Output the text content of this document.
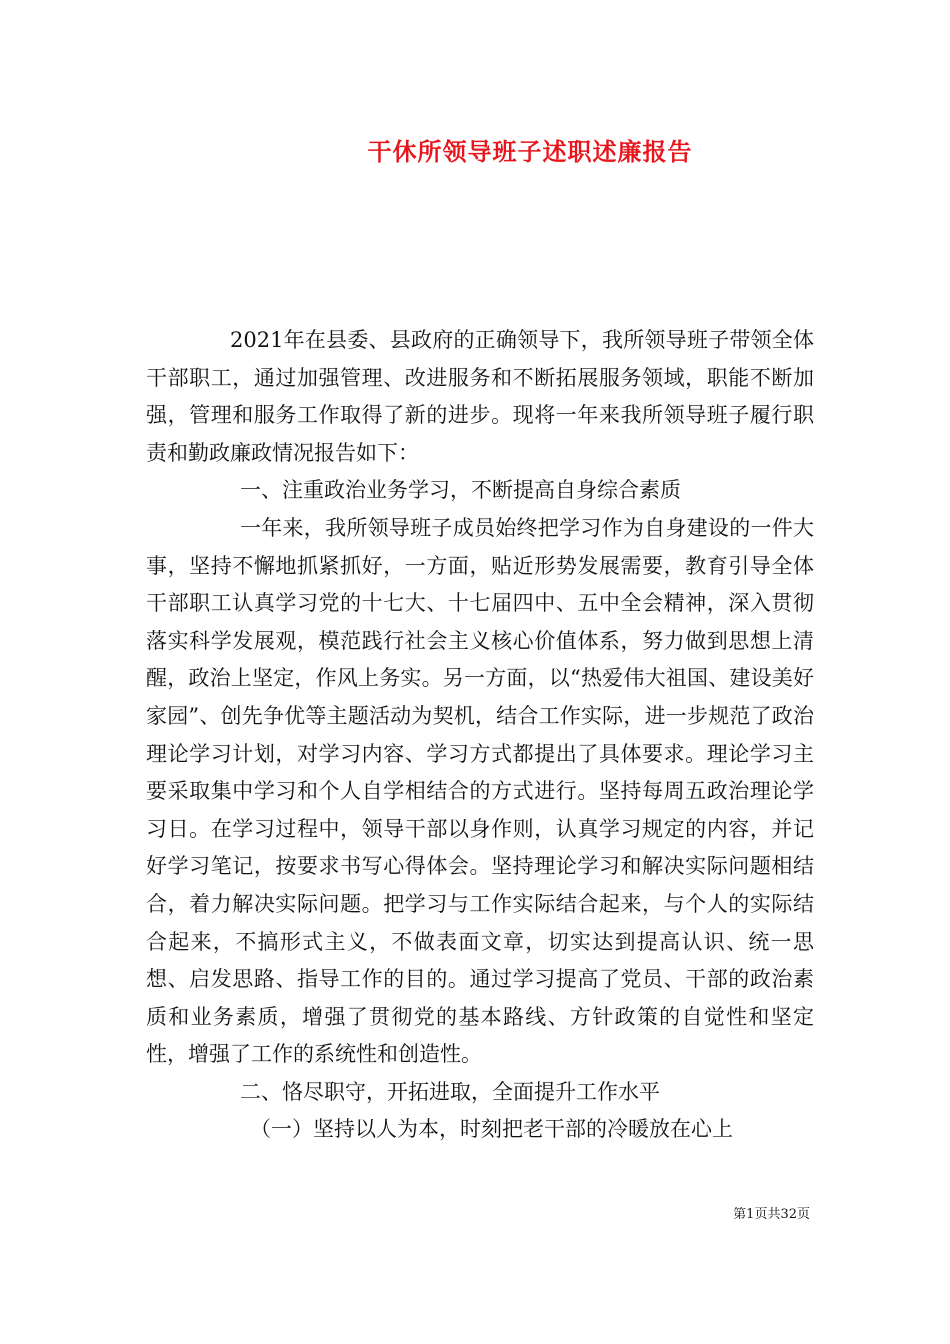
干休所领导班子述职述廉报告

2021年在县委、县政府的正确领导下，我所领导班子带领全体干部职工，通过加强管理、改进服务和不断拓展服务领域，职能不断加强，管理和服务工作取得了新的进步。现将一年来我所领导班子履行职责和勤政廉政情况报告如下：

一、注重政治业务学习，不断提高自身综合素质

一年来，我所领导班子成员始终把学习作为自身建设的一件大事，坚持不懈地抓紧抓好，一方面，贴近形势发展需要，教育引导全体干部职工认真学习党的十七大、十七届四中、五中全会精神，深入贯彻落实科学发展观，模范践行社会主义核心价值体系，努力做到思想上清醒，政治上坚定，作风上务实。另一方面，以“热爱伟大祖国、建设美好家园”、创先争优等主题活动为契机，结合工作实际，进一步规范了政治理论学习计划，对学习内容、学习方式都提出了具体要求。理论学习主要采取集中学习和个人自学相结合的方式进行。坚持每周五政治理论学习日。在学习过程中，领导干部以身作则，认真学习规定的内容，并记好学习笔记，按要求书写心得体会。坚持理论学习和解决实际问题相结合，着力解决实际问题。把学习与工作实际结合起来，与个人的实际结合起来，不搞形式主义，不做表面文章，切实达到提高认识、统一思想、启发思路、指导工作的目的。通过学习提高了党员、干部的政治素质和业务素质，增强了贯彻党的基本路线、方针政策的自觉性和坚定性，增强了工作的系统性和创造性。

二、恪尽职守，开拓进取，全面提升工作水平

（一）坚持以人为本，时刻把老干部的冷暖放在心上

第1页共32页
